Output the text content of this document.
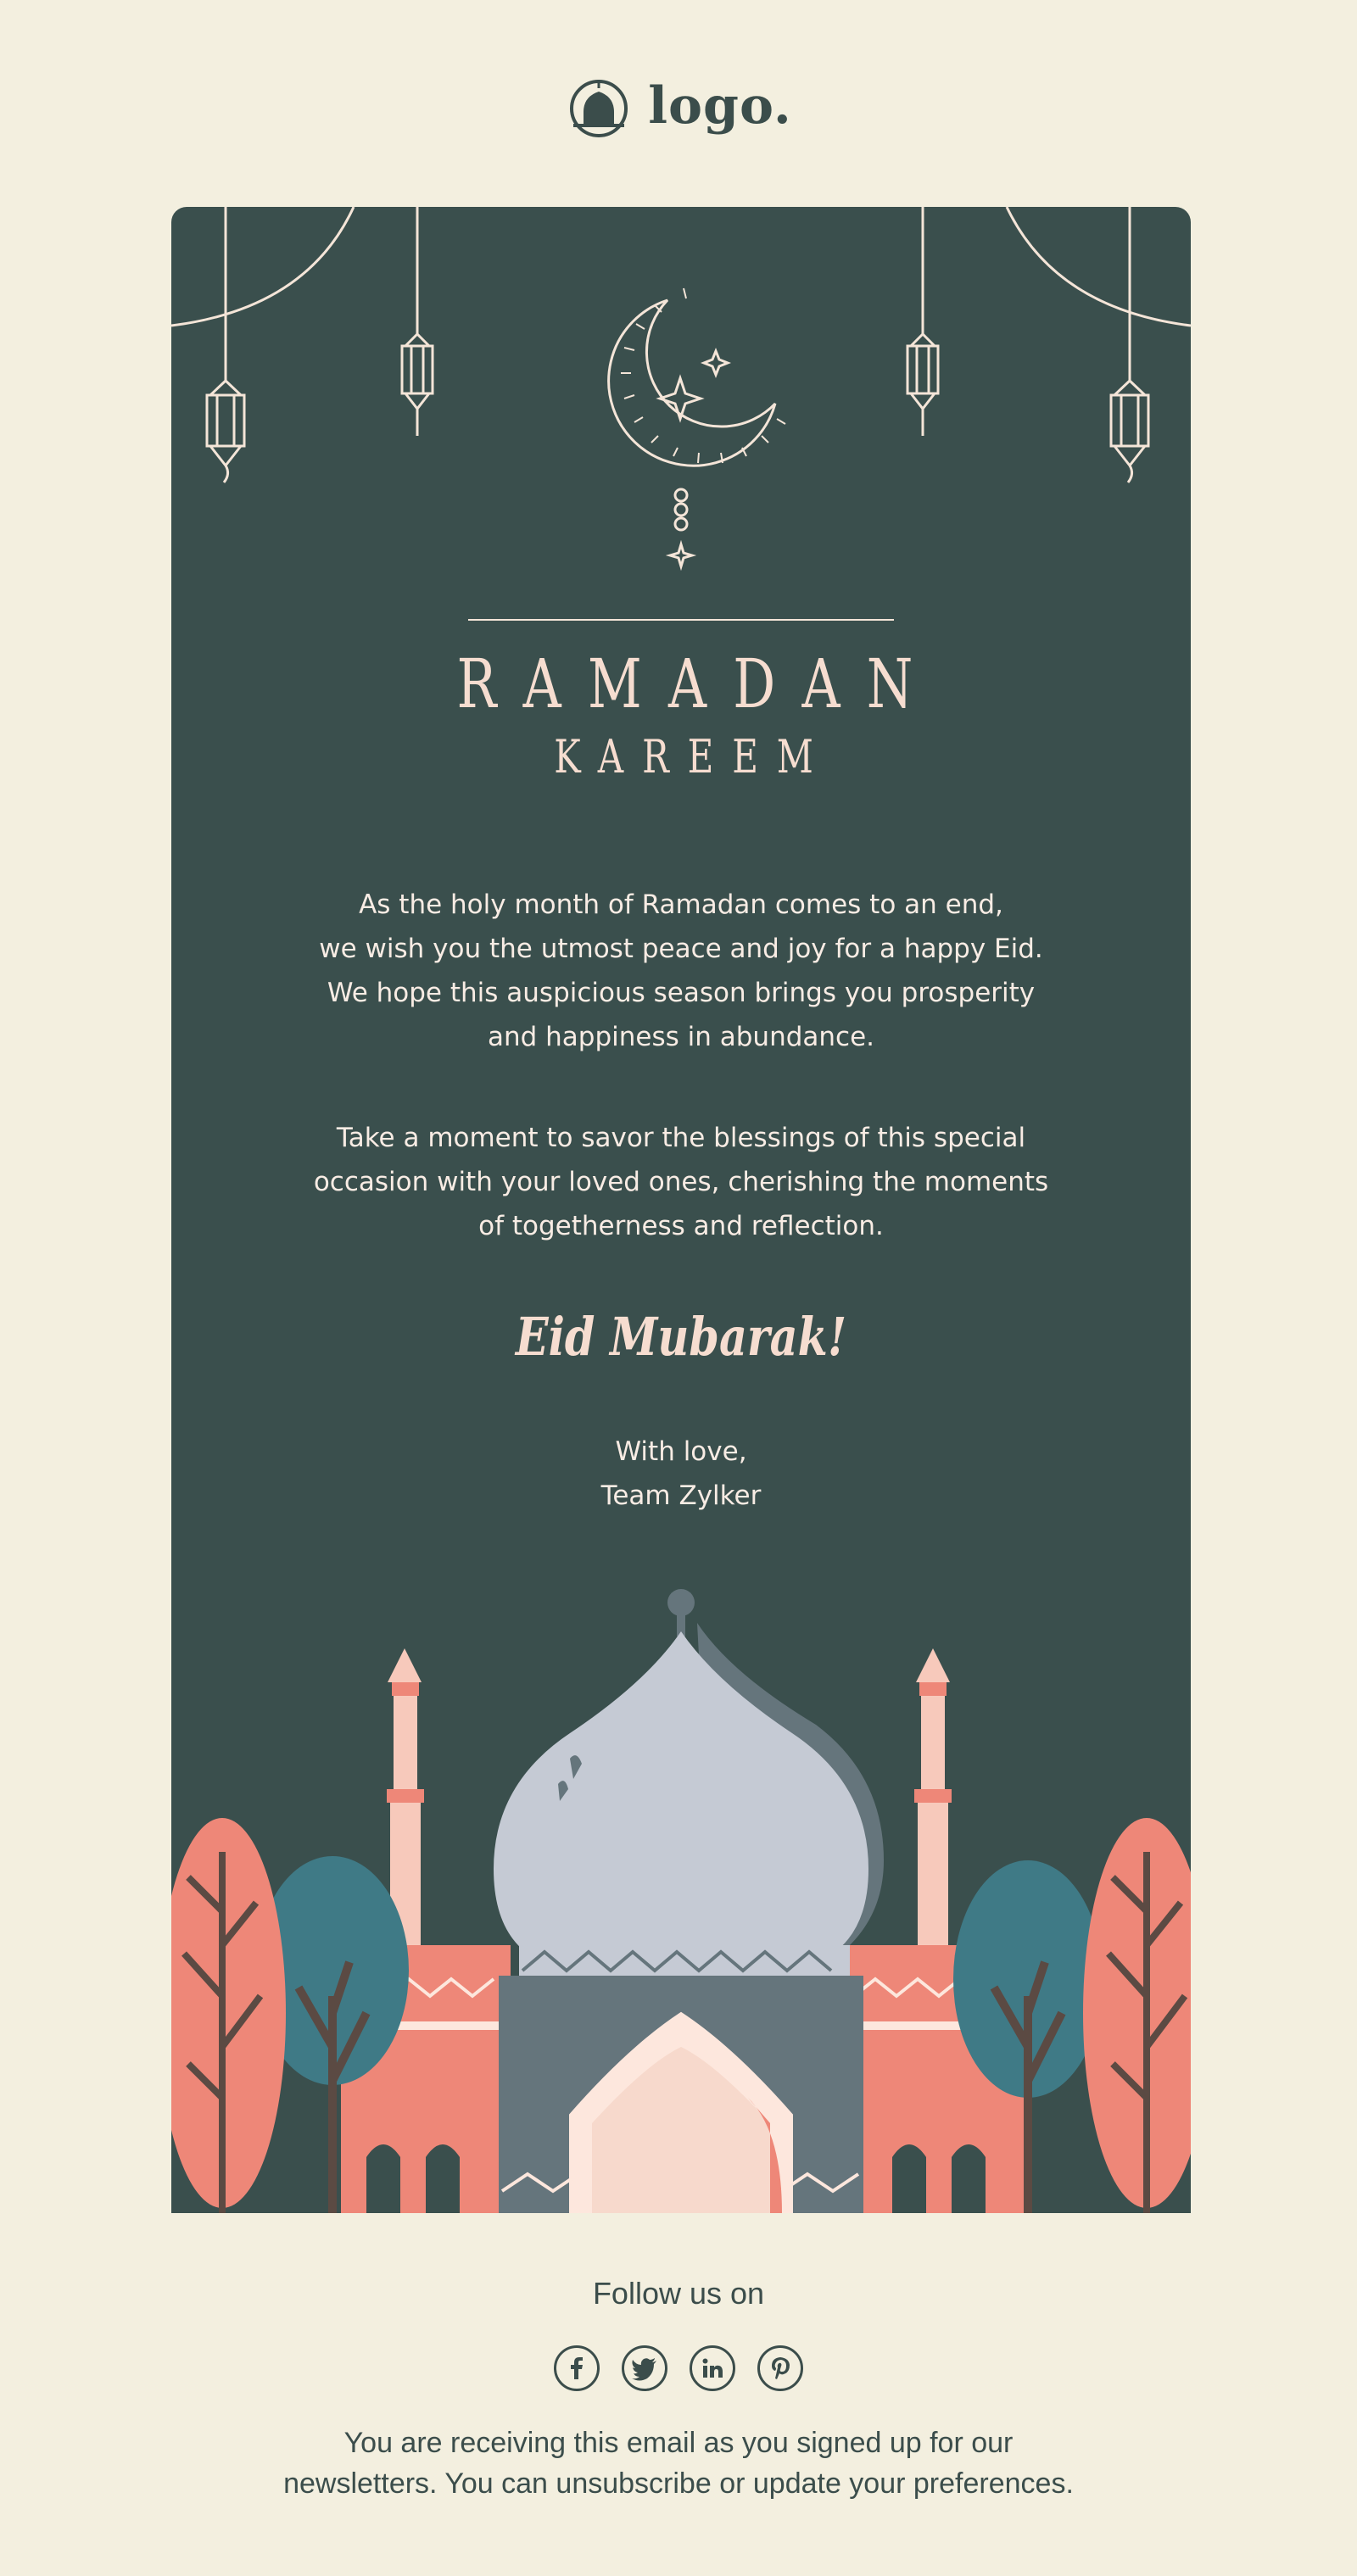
logo.
RAMADAN
KAREEM
As the holy month of Ramadan comes to an end,
we wish you the utmost peace and joy for a happy Eid.
We hope this auspicious season brings you prosperity
and happiness in abundance.
Take a moment to savor the blessings of this special
occasion with your loved ones, cherishing the moments
of togetherness and reflection.
Eid Mubarak!
With love,
Team Zylker
Follow us on
You are receiving this email as you signed up for our
newsletters. You can unsubscribe or update your preferences.
